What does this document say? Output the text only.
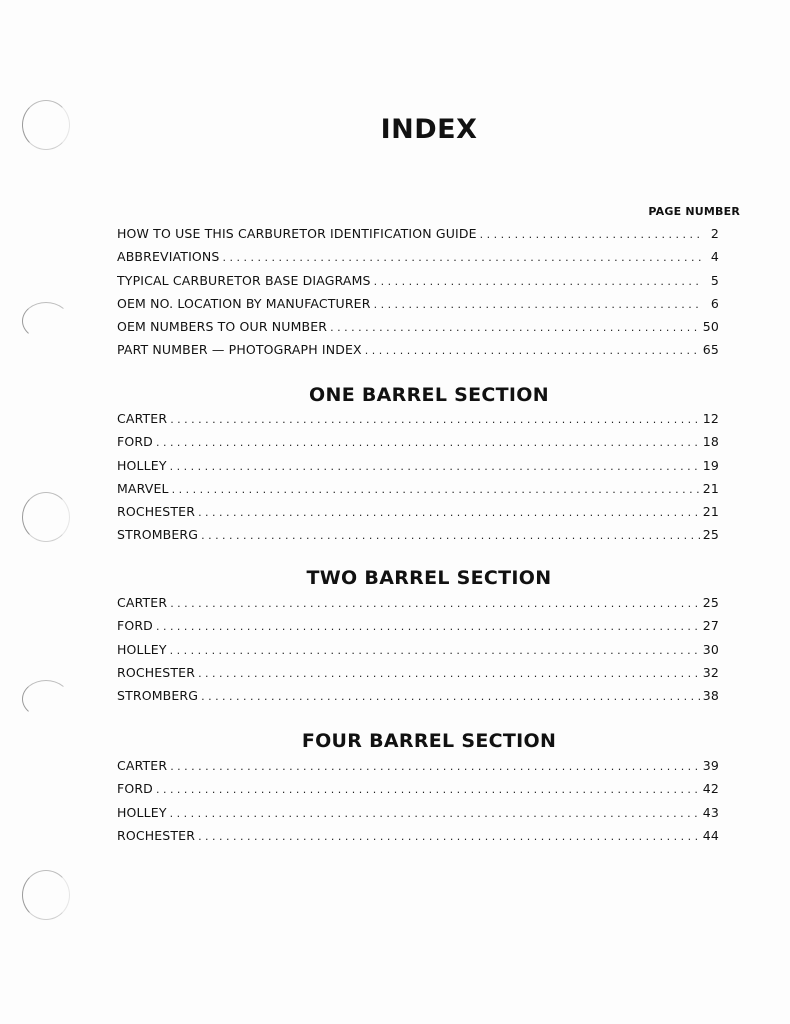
INDEX
PAGE NUMBER
HOW TO USE THIS CARBURETOR IDENTIFICATION GUIDE . . .	2
ABBREVIATIONS . . .	4
TYPICAL CARBURETOR BASE DIAGRAMS . . .	5
OEM NO. LOCATION BY MANUFACTURER . . .	6
OEM NUMBERS TO OUR NUMBER . . .	50
PART NUMBER — PHOTOGRAPH INDEX . . .	65
ONE BARREL SECTION
CARTER . . .	12
FORD . . .	18
HOLLEY . . .	19
MARVEL . . .	21
ROCHESTER . . .	21
STROMBERG . . .	25
TWO BARREL SECTION
CARTER . . .	25
FORD . . .	27
HOLLEY . . .	30
ROCHESTER . . .	32
STROMBERG . . .	38
FOUR BARREL SECTION
CARTER . . .	39
FORD . . .	42
HOLLEY . . .	43
ROCHESTER . . .	44
